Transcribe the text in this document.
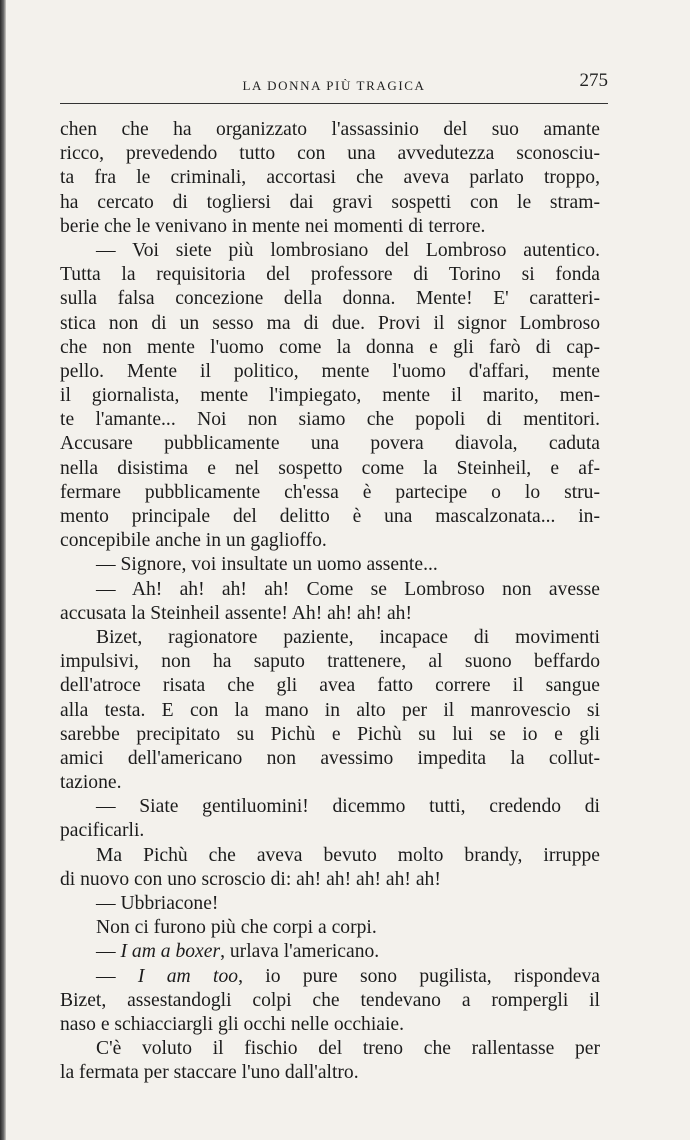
LA DONNA PIÙ TRAGICA	275
chen che ha organizzato l'assassinio del suo amante
ricco, prevedendo tutto con una avvedutezza sconosciu-
ta fra le criminali, accortasi che aveva parlato troppo,
ha cercato di togliersi dai gravi sospetti con le stram-
berie che le venivano in mente nei momenti di terrore.
— Voi siete più lombrosiano del Lombroso autentico.
Tutta la requisitoria del professore di Torino si fonda
sulla falsa concezione della donna. Mente! E' caratteri-
stica non di un sesso ma di due. Provi il signor Lombroso
che non mente l'uomo come la donna e gli farò di cap-
pello. Mente il politico, mente l'uomo d'affari, mente
il giornalista, mente l'impiegato, mente il marito, men-
te l'amante... Noi non siamo che popoli di mentitori.
Accusare pubblicamente una povera diavola, caduta
nella disistima e nel sospetto come la Steinheil, e af-
fermare pubblicamente ch'essa è partecipe o lo stru-
mento principale del delitto è una mascalzonata... in-
concepibile anche in un gaglioffo.
— Signore, voi insultate un uomo assente...
— Ah! ah! ah! ah! Come se Lombroso non avesse
accusata la Steinheil assente! Ah! ah! ah! ah!
Bizet, ragionatore paziente, incapace di movimenti
impulsivi, non ha saputo trattenere, al suono beffardo
dell'atroce risata che gli avea fatto correre il sangue
alla testa. E con la mano in alto per il manrovescio si
sarebbe precipitato su Pichù e Pichù su lui se io e gli
amici dell'americano non avessimo impedita la collut-
tazione.
— Siate gentiluomini! dicemmo tutti, credendo di
pacificarli.
Ma Pichù che aveva bevuto molto brandy, irruppe
di nuovo con uno scroscio di: ah! ah! ah! ah! ah!
— Ubbriacone!
Non ci furono più che corpi a corpi.
— I am a boxer, urlava l'americano.
— I am too, io pure sono pugilista, rispondeva
Bizet, assestandogli colpi che tendevano a rompergli il
naso e schiacciargli gli occhi nelle occhiaie.
C'è voluto il fischio del treno che rallentasse per
la fermata per staccare l'uno dall'altro.
